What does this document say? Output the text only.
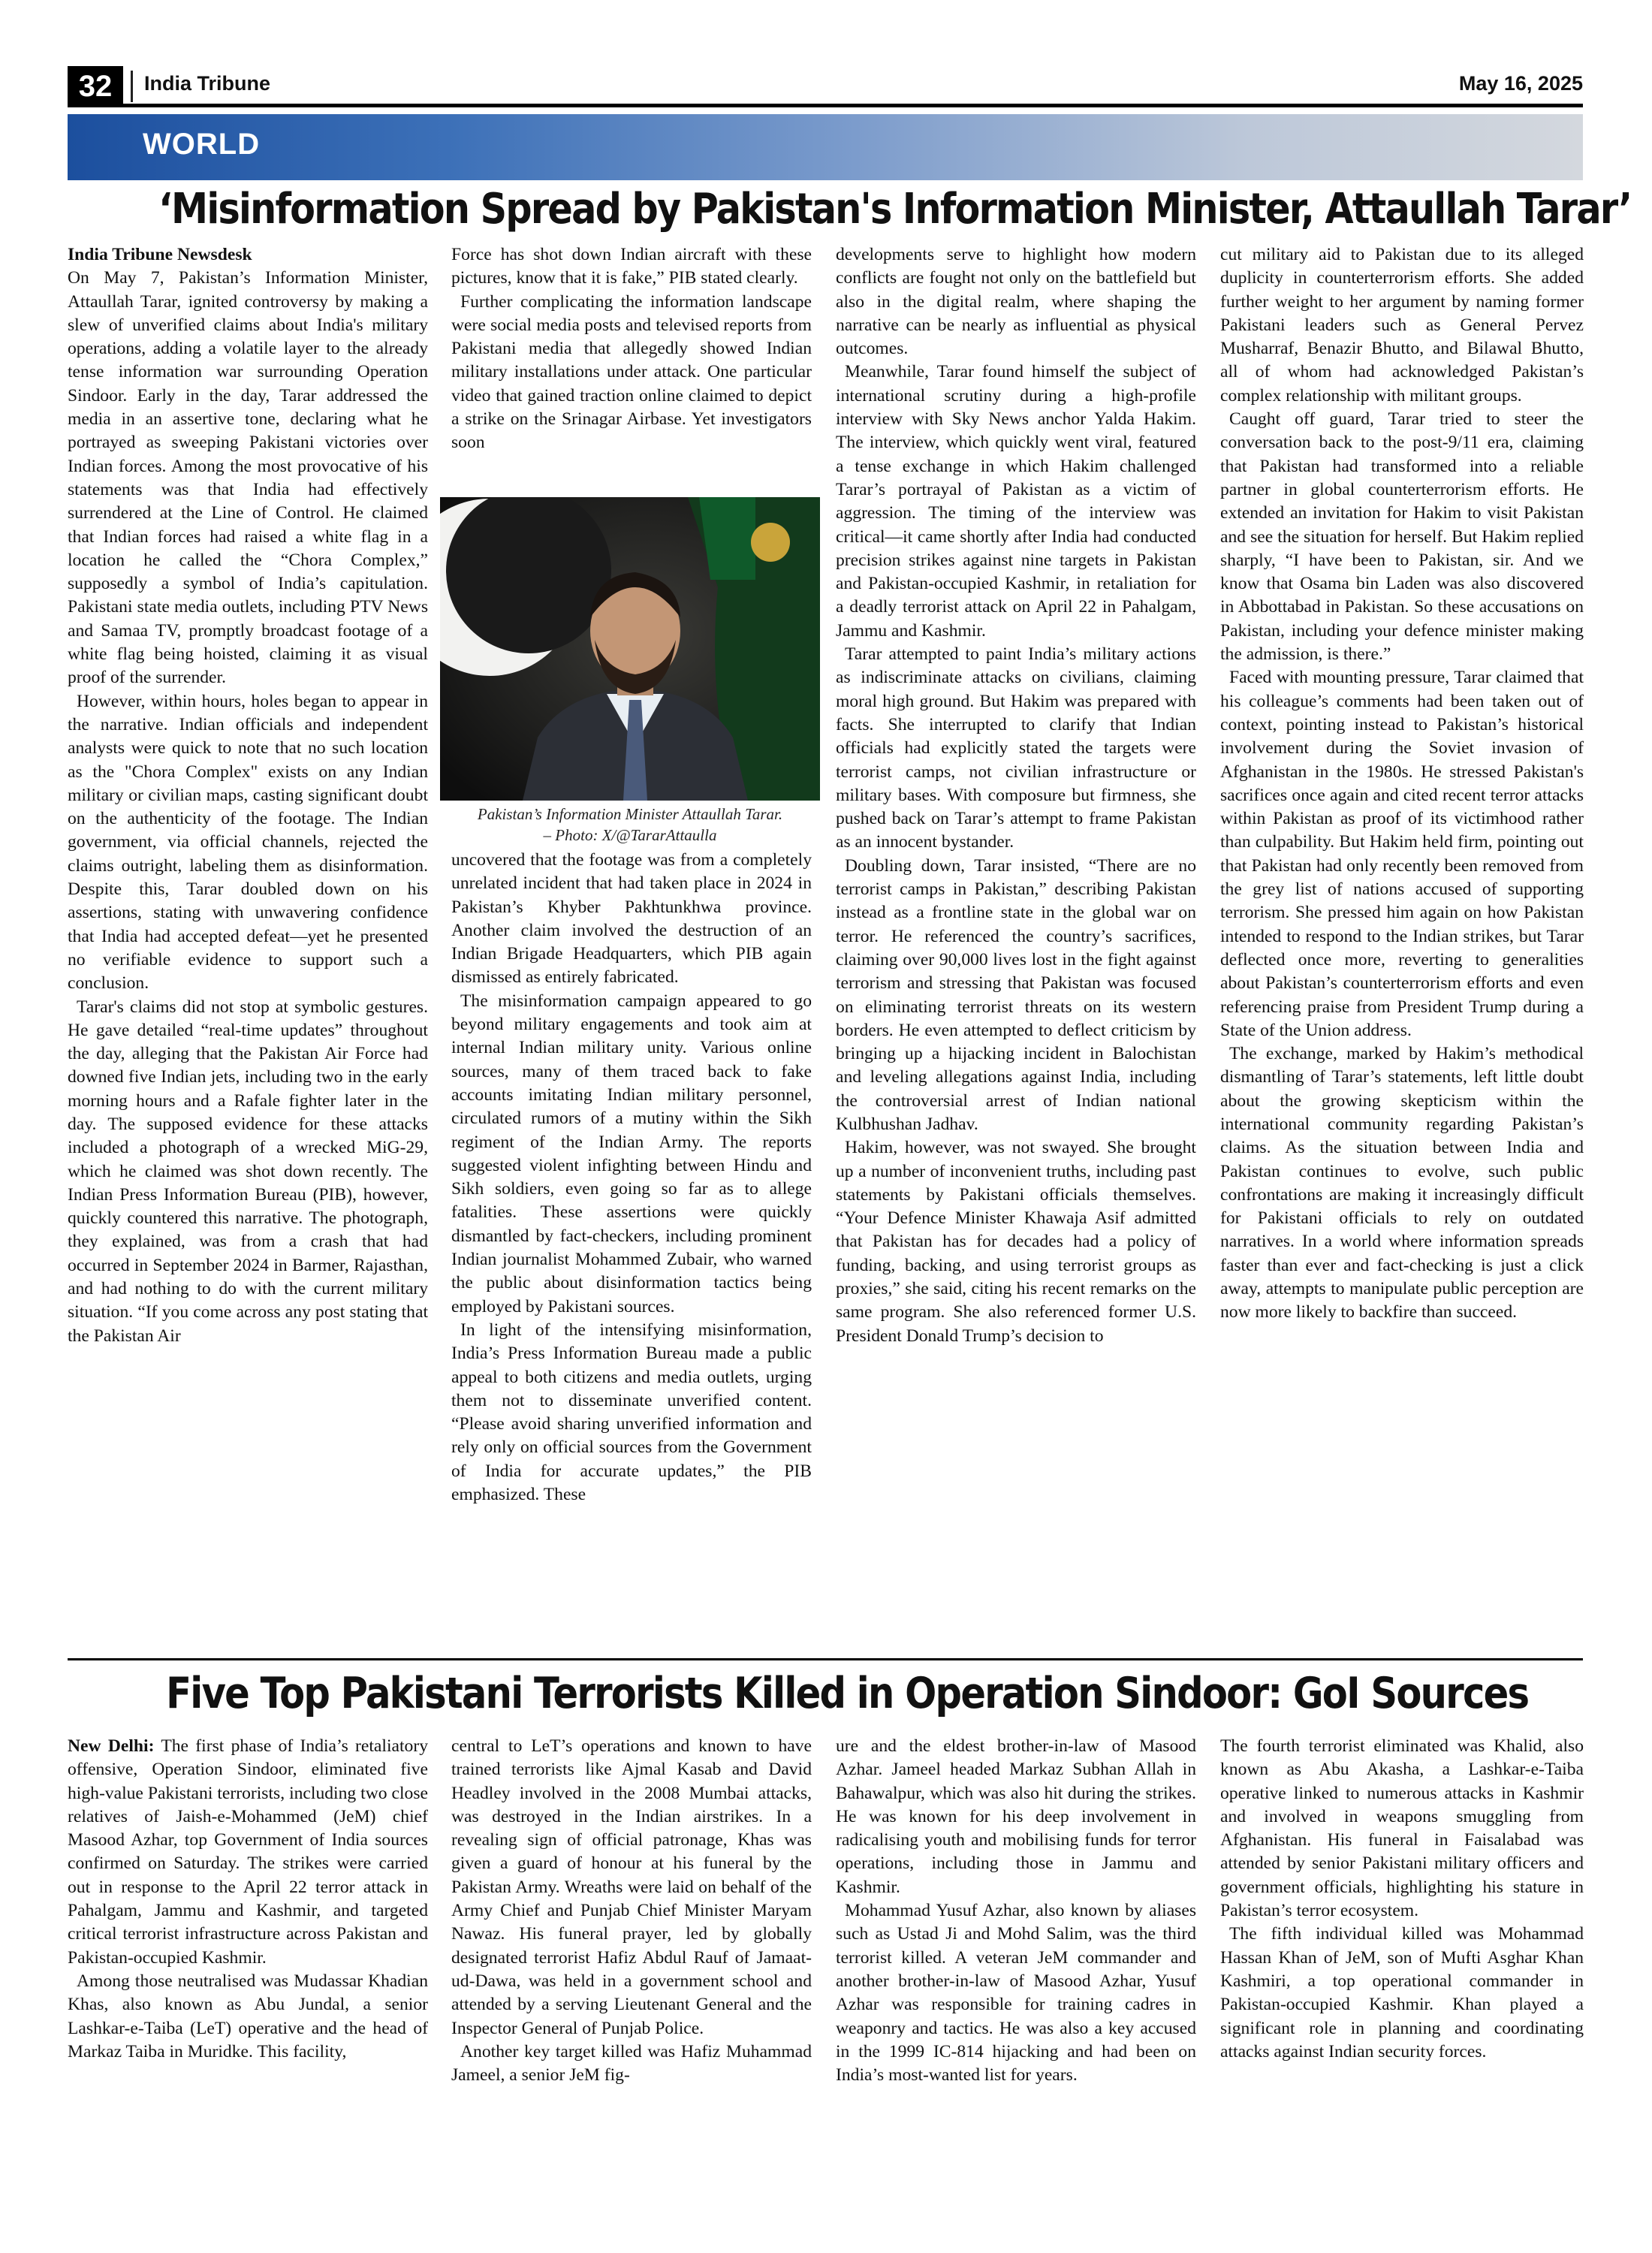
32	India Tribune	May 16, 2025
WORLD
‘Misinformation Spread by Pakistan's Information Minister, Attaullah Tarar’

India Tribune Newsdesk
On May 7, Pakistan’s Information Minister, Attaullah Tarar, ignited controversy by making a slew of unverified claims about India's military operations, adding a volatile layer to the already tense information war surrounding Operation Sindoor. Early in the day, Tarar addressed the media in an assertive tone, declaring what he portrayed as sweeping Pakistani victories over Indian forces. Among the most provocative of his statements was that India had effectively surrendered at the Line of Control. He claimed that Indian forces had raised a white flag in a location he called the “Chora Complex,” supposedly a symbol of India’s capitulation. Pakistani state media outlets, including PTV News and Samaa TV, promptly broadcast footage of a white flag being hoisted, claiming it as visual proof of the surrender.

However, within hours, holes began to appear in the narrative. Indian officials and independent analysts were quick to note that no such location as the "Chora Complex" exists on any Indian military or civilian maps, casting significant doubt on the authenticity of the footage. The Indian government, via official channels, rejected the claims outright, labeling them as disinformation. Despite this, Tarar doubled down on his assertions, stating with unwavering confidence that India had accepted defeat—yet he presented no verifiable evidence to support such a conclusion.

Tarar's claims did not stop at symbolic gestures. He gave detailed “real-time updates” throughout the day, alleging that the Pakistan Air Force had downed five Indian jets, including two in the early morning hours and a Rafale fighter later in the day. The supposed evidence for these attacks included a photograph of a wrecked MiG-29, which he claimed was shot down recently. The Indian Press Information Bureau (PIB), however, quickly countered this narrative. The photograph, they explained, was from a crash that had occurred in September 2024 in Barmer, Rajasthan, and had nothing to do with the current military situation. “If you come across any post stating that the Pakistan Air

Force has shot down Indian aircraft with these pictures, know that it is fake,” PIB stated clearly.

Further complicating the information landscape were social media posts and televised reports from Pakistani media that allegedly showed Indian military installations under attack. One particular video that gained traction online claimed to depict a strike on the Srinagar Airbase. Yet investigators soon

Pakistan’s Information Minister Attaullah Tarar.
– Photo: X/@TararAttaulla

uncovered that the footage was from a completely unrelated incident that had taken place in 2024 in Pakistan’s Khyber Pakhtunkhwa province. Another claim involved the destruction of an Indian Brigade Headquarters, which PIB again dismissed as entirely fabricated.

The misinformation campaign appeared to go beyond military engagements and took aim at internal Indian military unity. Various online sources, many of them traced back to fake accounts imitating Indian military personnel, circulated rumors of a mutiny within the Sikh regiment of the Indian Army. The reports suggested violent infighting between Hindu and Sikh soldiers, even going so far as to allege fatalities. These assertions were quickly dismantled by fact-checkers, including prominent Indian journalist Mohammed Zubair, who warned the public about disinformation tactics being employed by Pakistani sources.

In light of the intensifying misinformation, India’s Press Information Bureau made a public appeal to both citizens and media outlets, urging them not to disseminate unverified content. “Please avoid sharing unverified information and rely only on official sources from the Government of India for accurate updates,” the PIB emphasized. These

developments serve to highlight how modern conflicts are fought not only on the battlefield but also in the digital realm, where shaping the narrative can be nearly as influential as physical outcomes.

Meanwhile, Tarar found himself the subject of international scrutiny during a high-profile interview with Sky News anchor Yalda Hakim. The interview, which quickly went viral, featured a tense exchange in which Hakim challenged Tarar’s portrayal of Pakistan as a victim of aggression. The timing of the interview was critical—it came shortly after India had conducted precision strikes against nine targets in Pakistan and Pakistan-occupied Kashmir, in retaliation for a deadly terrorist attack on April 22 in Pahalgam, Jammu and Kashmir.

Tarar attempted to paint India’s military actions as indiscriminate attacks on civilians, claiming moral high ground. But Hakim was prepared with facts. She interrupted to clarify that Indian officials had explicitly stated the targets were terrorist camps, not civilian infrastructure or military bases. With composure but firmness, she pushed back on Tarar’s attempt to frame Pakistan as an innocent bystander.

Doubling down, Tarar insisted, “There are no terrorist camps in Pakistan,” describing Pakistan instead as a frontline state in the global war on terror. He referenced the country’s sacrifices, claiming over 90,000 lives lost in the fight against terrorism and stressing that Pakistan was focused on eliminating terrorist threats on its western borders. He even attempted to deflect criticism by bringing up a hijacking incident in Balochistan and leveling allegations against India, including the controversial arrest of Indian national Kulbhushan Jadhav.

Hakim, however, was not swayed. She brought up a number of inconvenient truths, including past statements by Pakistani officials themselves. “Your Defence Minister Khawaja Asif admitted that Pakistan has for decades had a policy of funding, backing, and using terrorist groups as proxies,” she said, citing his recent remarks on the same program. She also referenced former U.S. President Donald Trump’s decision to

cut military aid to Pakistan due to its alleged duplicity in counterterrorism efforts. She added further weight to her argument by naming former Pakistani leaders such as General Pervez Musharraf, Benazir Bhutto, and Bilawal Bhutto, all of whom had acknowledged Pakistan’s complex relationship with militant groups.

Caught off guard, Tarar tried to steer the conversation back to the post-9/11 era, claiming that Pakistan had transformed into a reliable partner in global counterterrorism efforts. He extended an invitation for Hakim to visit Pakistan and see the situation for herself. But Hakim replied sharply, “I have been to Pakistan, sir. And we know that Osama bin Laden was also discovered in Abbottabad in Pakistan. So these accusations on Pakistan, including your defence minister making the admission, is there.”

Faced with mounting pressure, Tarar claimed that his colleague’s comments had been taken out of context, pointing instead to Pakistan’s historical involvement during the Soviet invasion of Afghanistan in the 1980s. He stressed Pakistan's sacrifices once again and cited recent terror attacks within Pakistan as proof of its victimhood rather than culpability. But Hakim held firm, pointing out that Pakistan had only recently been removed from the grey list of nations accused of supporting terrorism. She pressed him again on how Pakistan intended to respond to the Indian strikes, but Tarar deflected once more, reverting to generalities about Pakistan’s counterterrorism efforts and even referencing praise from President Trump during a State of the Union address.

The exchange, marked by Hakim’s methodical dismantling of Tarar’s statements, left little doubt about the growing skepticism within the international community regarding Pakistan’s claims. As the situation between India and Pakistan continues to evolve, such public confrontations are making it increasingly difficult for Pakistani officials to rely on outdated narratives. In a world where information spreads faster than ever and fact-checking is just a click away, attempts to manipulate public perception are now more likely to backfire than succeed.

Five Top Pakistani Terrorists Killed in Operation Sindoor: GoI Sources

New Delhi: The first phase of India’s retaliatory offensive, Operation Sindoor, eliminated five high-value Pakistani terrorists, including two close relatives of Jaish-e-Mohammed (JeM) chief Masood Azhar, top Government of India sources confirmed on Saturday. The strikes were carried out in response to the April 22 terror attack in Pahalgam, Jammu and Kashmir, and targeted critical terrorist infrastructure across Pakistan and Pakistan-occupied Kashmir.

Among those neutralised was Mudassar Khadian Khas, also known as Abu Jundal, a senior Lashkar-e-Taiba (LeT) operative and the head of Markaz Taiba in Muridke. This facility,

central to LeT’s operations and known to have trained terrorists like Ajmal Kasab and David Headley involved in the 2008 Mumbai attacks, was destroyed in the Indian airstrikes. In a revealing sign of official patronage, Khas was given a guard of honour at his funeral by the Pakistan Army. Wreaths were laid on behalf of the Army Chief and Punjab Chief Minister Maryam Nawaz. His funeral prayer, led by globally designated terrorist Hafiz Abdul Rauf of Jamaat-ud-Dawa, was held in a government school and attended by a serving Lieutenant General and the Inspector General of Punjab Police.

Another key target killed was Hafiz Muhammad Jameel, a senior JeM fig-

ure and the eldest brother-in-law of Masood Azhar. Jameel headed Markaz Subhan Allah in Bahawalpur, which was also hit during the strikes. He was known for his deep involvement in radicalising youth and mobilising funds for terror operations, including those in Jammu and Kashmir.

Mohammad Yusuf Azhar, also known by aliases such as Ustad Ji and Mohd Salim, was the third terrorist killed. A veteran JeM commander and another brother-in-law of Masood Azhar, Yusuf Azhar was responsible for training cadres in weaponry and tactics. He was also a key accused in the 1999 IC-814 hijacking and had been on India’s most-wanted list for years.

The fourth terrorist eliminated was Khalid, also known as Abu Akasha, a Lashkar-e-Taiba operative linked to numerous attacks in Kashmir and involved in weapons smuggling from Afghanistan. His funeral in Faisalabad was attended by senior Pakistani military officers and government officials, highlighting his stature in Pakistan’s terror ecosystem.

The fifth individual killed was Mohammad Hassan Khan of JeM, son of Mufti Asghar Khan Kashmiri, a top operational commander in Pakistan-occupied Kashmir. Khan played a significant role in planning and coordinating attacks against Indian security forces.
